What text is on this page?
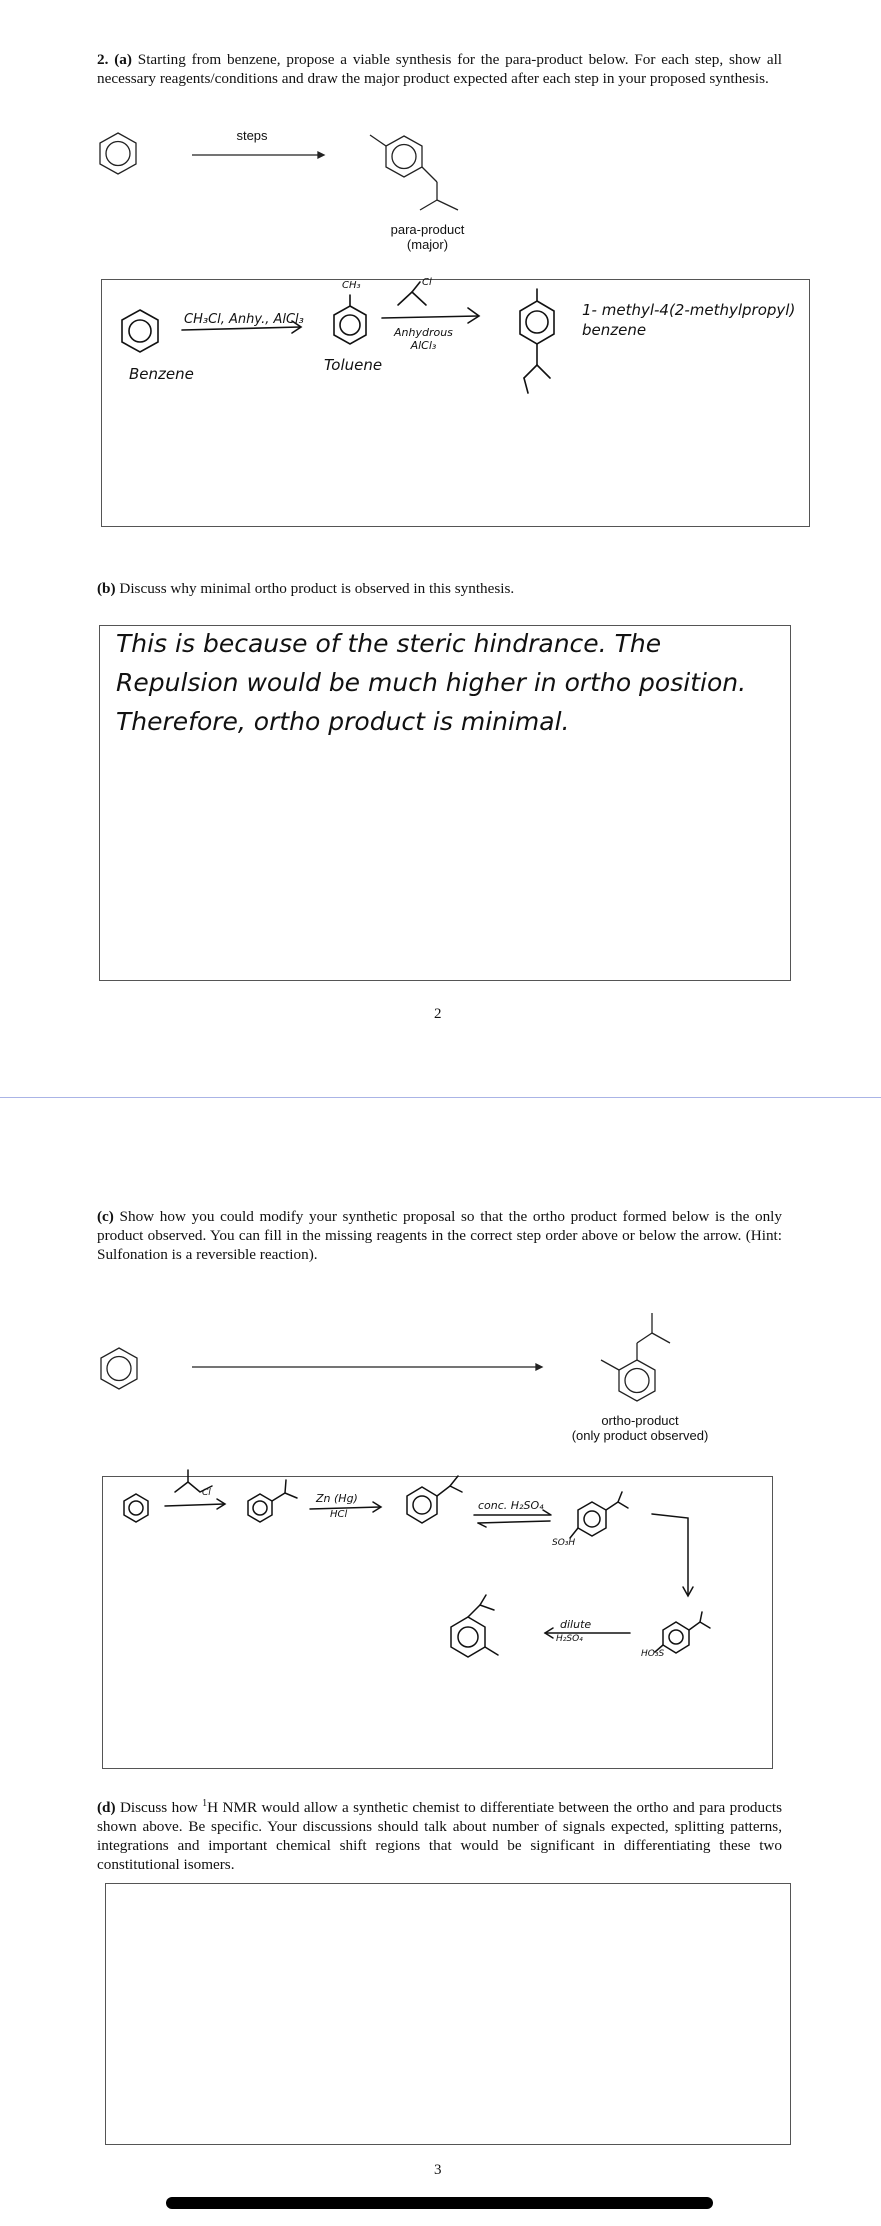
2. (a) Starting from benzene, propose a viable synthesis for the para-product below. For each step, show all necessary reagents/conditions and draw the major product expected after each step in your proposed synthesis.
steps
para-product
(major)
CH₃Cl, Anhy., AlCl₃
Benzene
CH₃
Toluene
Cl
Anhydrous
AlCl₃
1- methyl-4(2-methylpropyl)
benzene
(b) Discuss why minimal ortho product is observed in this synthesis.
This is because of the steric hindrance. The
Repulsion would be much higher in ortho position.
Therefore, ortho product is minimal.
2
(c) Show how you could modify your synthetic proposal so that the ortho product formed below is the only product observed. You can fill in the missing reagents in the correct step order above or below the arrow. (Hint: Sulfonation is a reversible reaction).
ortho-product
(only product observed)
Cl	Zn (Hg)
HCl
conc. H₂SO₄
SO₃H
dilute
H₂SO₄
HO₃S
(d) Discuss how $^1$H NMR would allow a synthetic chemist to differentiate between the ortho and para products shown above. Be specific. Your discussions should talk about number of signals expected, splitting patterns, integrations and important chemical shift regions that would be significant in differentiating these two constitutional isomers.
3
